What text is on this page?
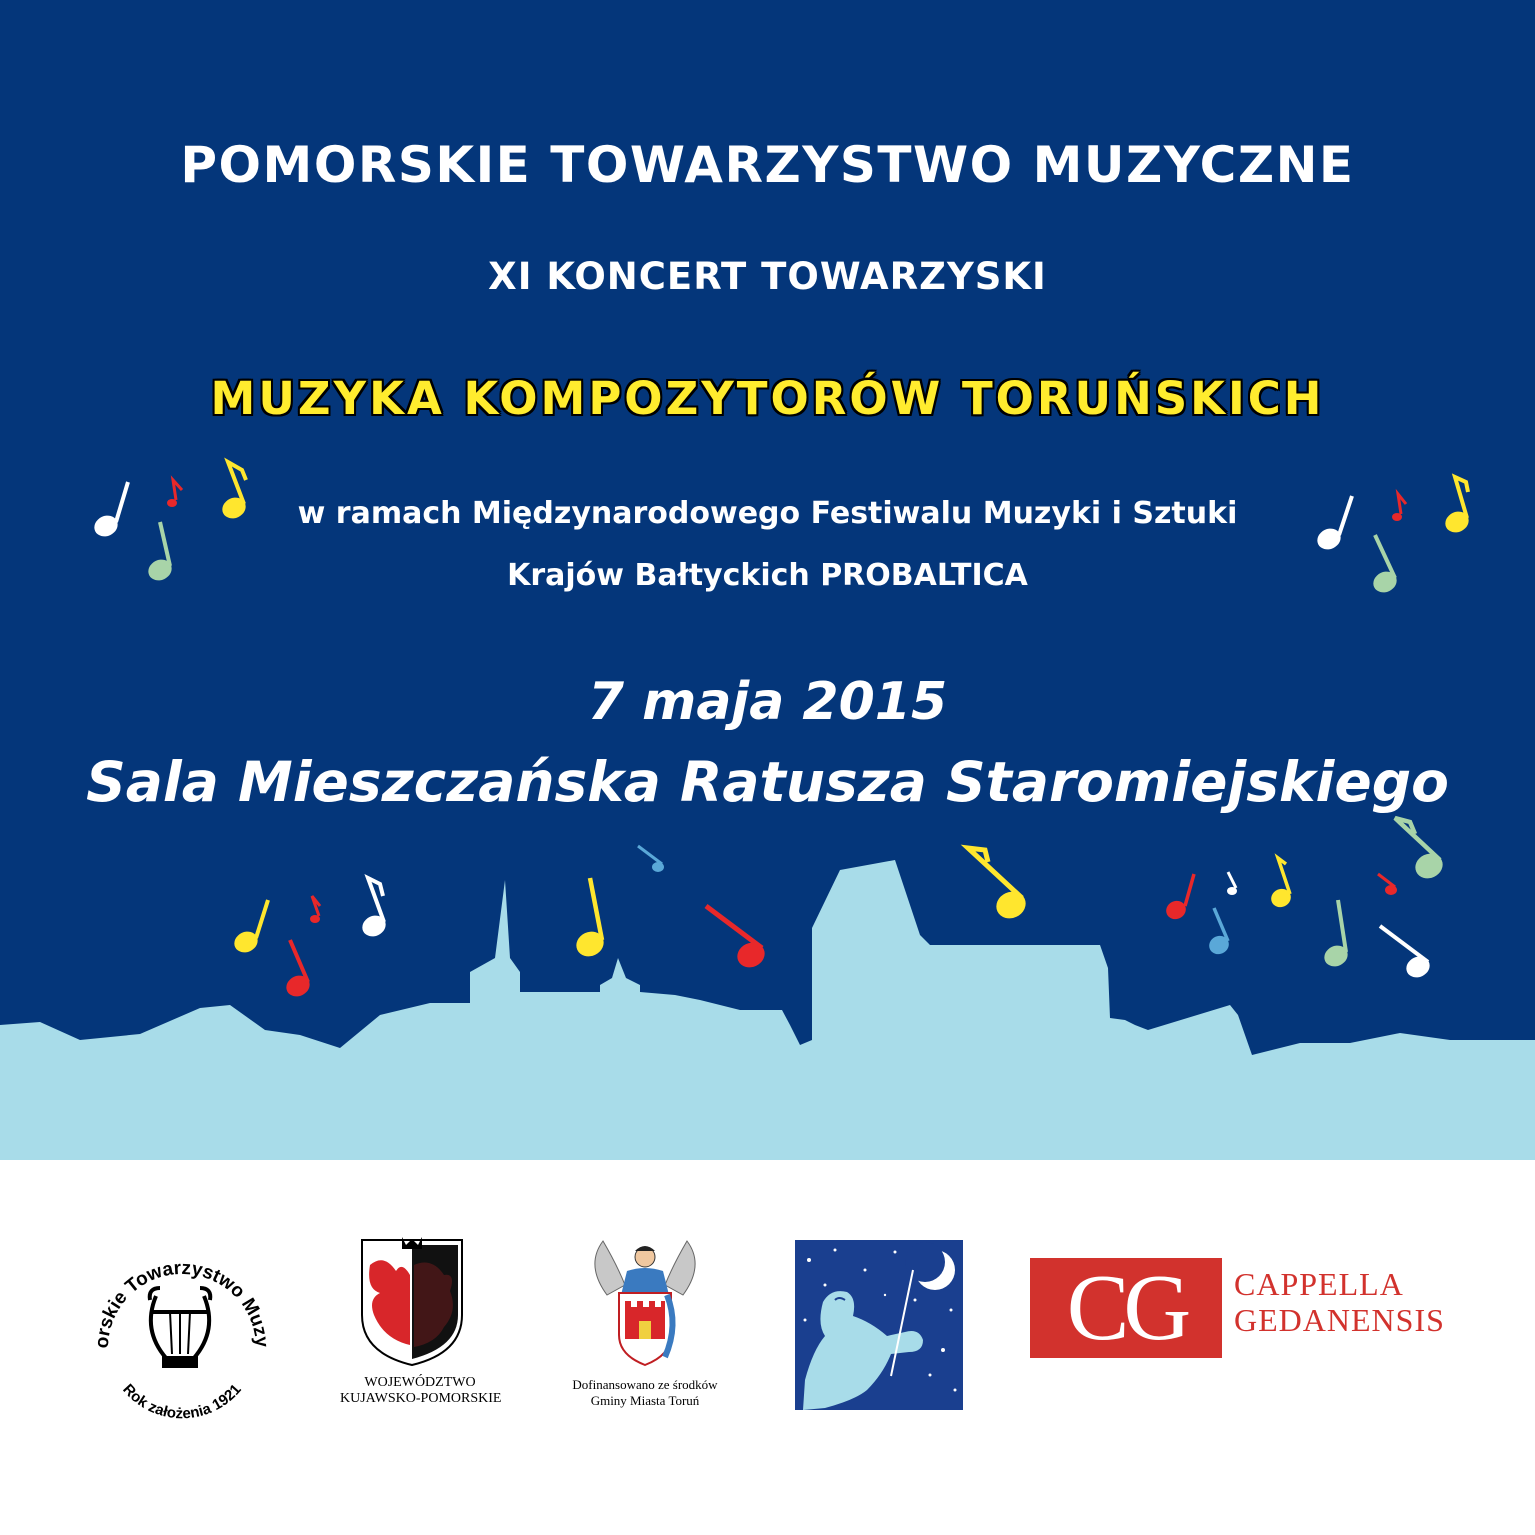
POMORSKIE TOWARZYSTWO MUZYCZNE
XI KONCERT TOWARZYSKI
MUZYKA KOMPOZYTORÓW TORUŃSKICH
w ramach Międzynarodowego Festiwalu Muzyki i Sztuki
Krajów Bałtyckich PROBALTICA
7 maja 2015
Sala Mieszczańska Ratusza Staromiejskiego
orskie Towarzystwo Muzy
Rok założenia 1921	WOJEWÓDZTWO
KUJAWSKO-POMORSKIE
Dofinansowano ze środków
Gminy Miasta Toruń
CG	CAPPELLA
GEDANENSIS
